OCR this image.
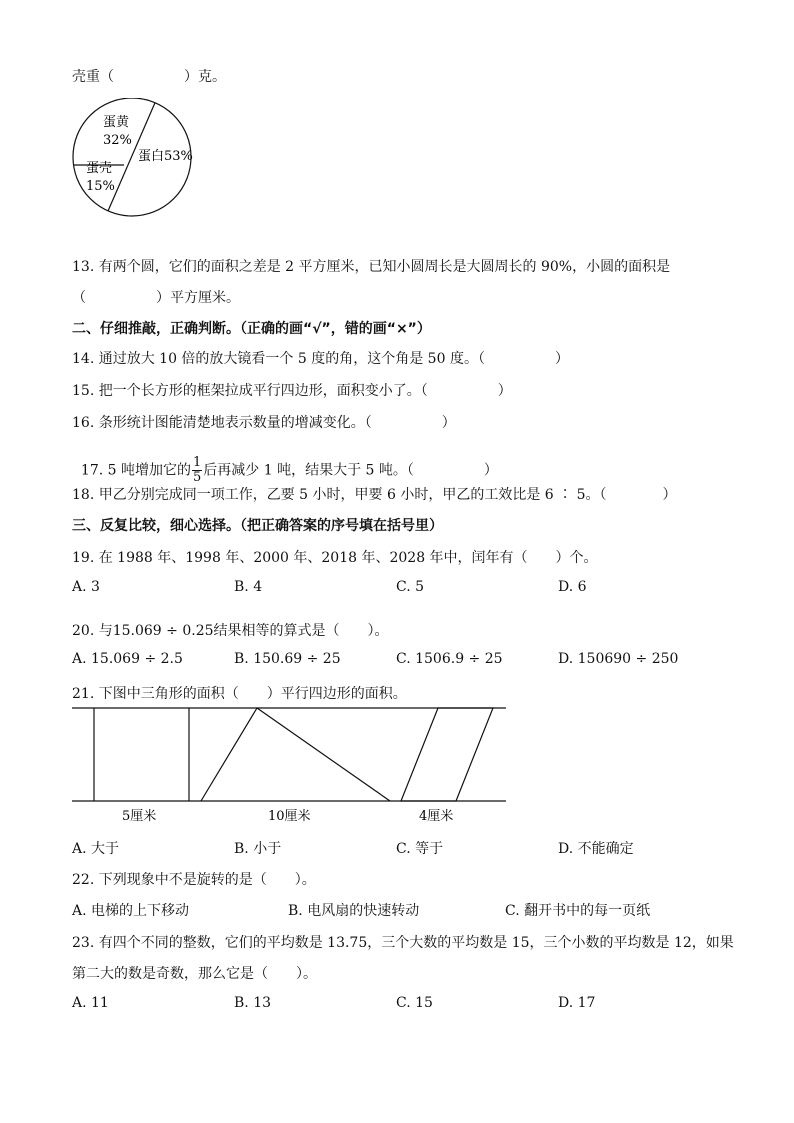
壳重（　　　　　）克。
蛋黄
32%
蛋白53%
蛋壳
15%
13. 有两个圆，它们的面积之差是 2 平方厘米，已知小圆周长是大圆周长的 90%，小圆的面积是
（　　　　　）平方厘米。
二、仔细推敲，正确判断。（正确的画“√”，错的画“×”）
14. 通过放大 10 倍的放大镜看一个 5 度的角，这个角是 50 度。（　　　　　）
15. 把一个长方形的框架拉成平行四边形，面积变小了。（　　　　　）
16. 条形统计图能清楚地表示数量的增减变化。（　　　　　）

17. 5 吨增加它的 $\frac{1}{5}$ 后再减少 1 吨，结果大于 5 吨。（　　　　　）

18. 甲乙分别完成同一项工作，乙要 5 小时，甲要 6 小时，甲乙的工效比是 6 ∶ 5。（　　　　）
三、反复比较，细心选择。（把正确答案的序号填在括号里）
19. 在 1988 年、1998 年、2000 年、2018 年、2028 年中，闰年有（　　）个。
A. 3	B. 4	C. 5	D. 6
20. 与15.069 ÷ 0.25结果相等的算式是（　　）。
A. 15.069 ÷ 2.5	B. 150.69 ÷ 25	C. 1506.9 ÷ 25	D. 150690 ÷ 250
21. 下图中三角形的面积（　　）平行四边形的面积。
5厘米	10厘米	4厘米
A. 大于	B. 小于	C. 等于	D. 不能确定
22. 下列现象中不是旋转的是（　　）。
A. 电梯的上下移动	B. 电风扇的快速转动	C. 翻开书中的每一页纸
23. 有四个不同的整数，它们的平均数是 13.75，三个大数的平均数是 15，三个小数的平均数是 12，如果
第二大的数是奇数，那么它是（　　）。
A. 11	B. 13	C. 15	D. 17
